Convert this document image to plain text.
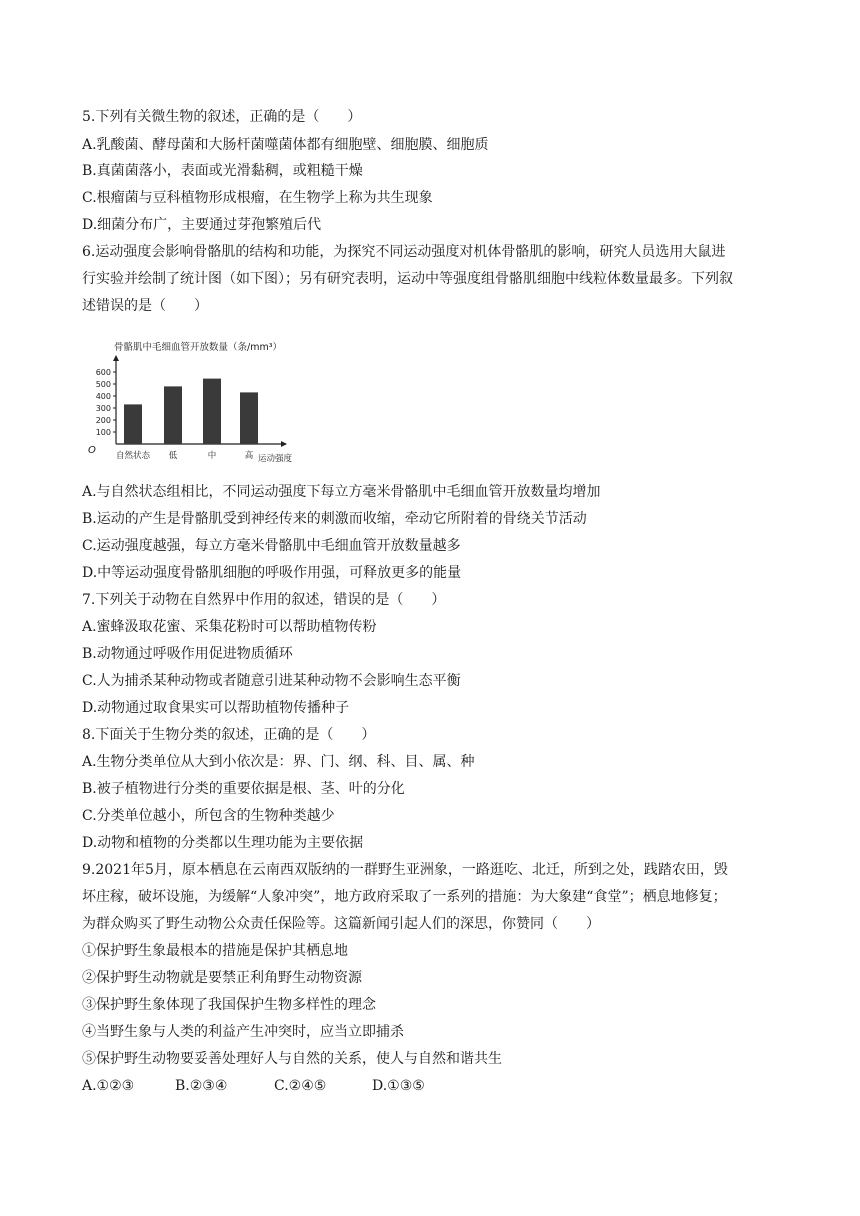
5.下列有关微生物的叙述，正确的是（　　）
A.乳酸菌、酵母菌和大肠杆菌噬菌体都有细胞壁、细胞膜、细胞质
B.真菌菌落小，表面或光滑黏稠，或粗糙干燥
C.根瘤菌与豆科植物形成根瘤，在生物学上称为共生现象
D.细菌分布广，主要通过芽孢繁殖后代
6.运动强度会影响骨骼肌的结构和功能，为探究不同运动强度对机体骨骼肌的影响，研究人员选用大鼠进
行实验并绘制了统计图（如下图）；另有研究表明，运动中等强度组骨骼肌细胞中线粒体数量最多。下列叙
述错误的是（　　）
骨骼肌中毛细血管开放数量（条/mm³）
O
运动强度
100
200
300
400
500
600
自然状态 低	中	高
A.与自然状态组相比，不同运动强度下每立方毫米骨骼肌中毛细血管开放数量均增加
B.运动的产生是骨骼肌受到神经传来的刺激而收缩，牵动它所附着的骨绕关节活动
C.运动强度越强，每立方毫米骨骼肌中毛细血管开放数量越多
D.中等运动强度骨骼肌细胞的呼吸作用强，可释放更多的能量
7.下列关于动物在自然界中作用的叙述，错误的是（　　）
A.蜜蜂汲取花蜜、采集花粉时可以帮助植物传粉
B.动物通过呼吸作用促进物质循环
C.人为捕杀某种动物或者随意引进某种动物不会影响生态平衡
D.动物通过取食果实可以帮助植物传播种子
8.下面关于生物分类的叙述，正确的是（　　）
A.生物分类单位从大到小依次是：界、门、纲、科、目、属、种
B.被子植物进行分类的重要依据是根、茎、叶的分化
C.分类单位越小，所包含的生物种类越少
D.动物和植物的分类都以生理功能为主要依据
9.2021年5月，原本栖息在云南西双版纳的一群野生亚洲象，一路逛吃、北迁，所到之处，践踏农田，毁
坏庄稼，破坏设施，为缓解“人象冲突”，地方政府采取了一系列的措施：为大象建“食堂”；栖息地修复；
为群众购买了野生动物公众责任保险等。这篇新闻引起人们的深思，你赞同（　　）
①保护野生象最根本的措施是保护其栖息地
②保护野生动物就是要禁正利角野生动物资源
③保护野生象体现了我国保护生物多样性的理念
④当野生象与人类的利益产生冲突时，应当立即捕杀
⑤保护野生动物要妥善处理好人与自然的关系，使人与自然和谐共生
A.①②③	B.②③④	C.②④⑤	D.①③⑤
